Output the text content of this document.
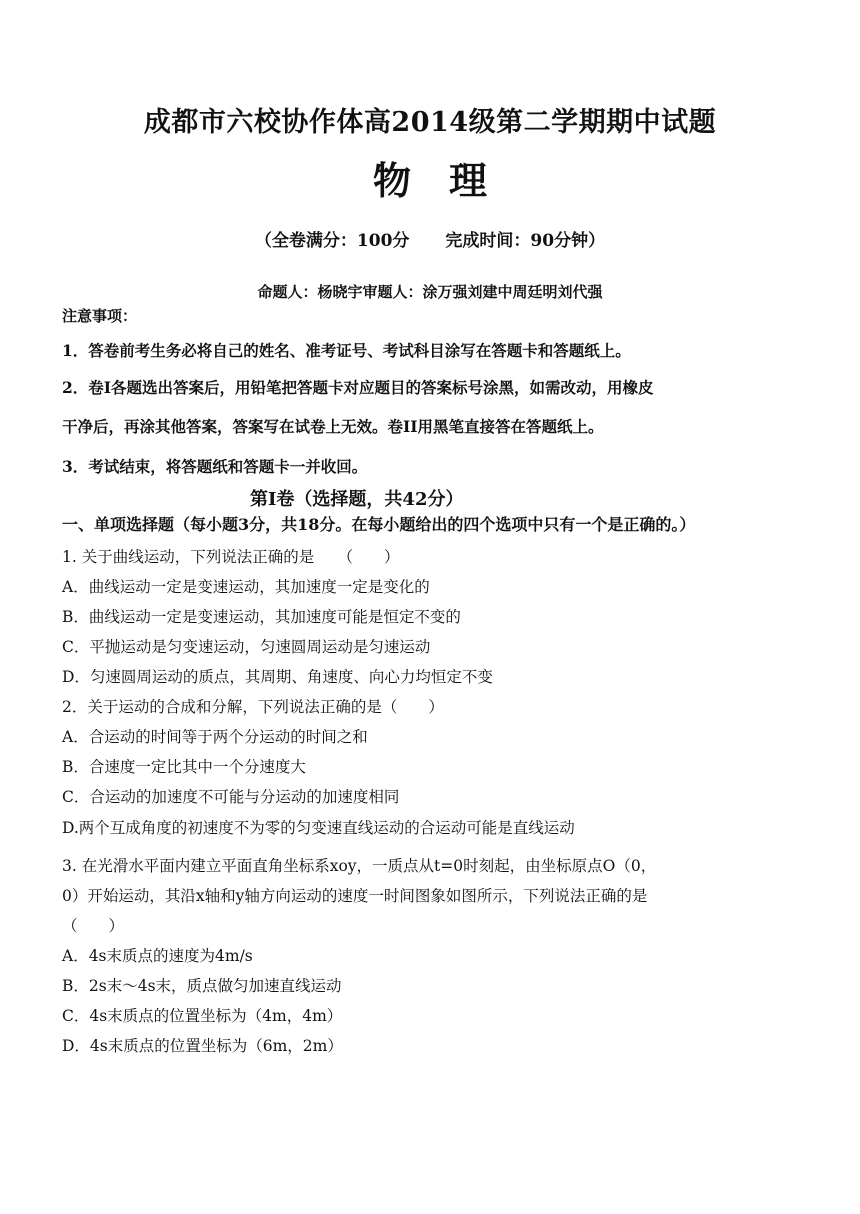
成都市六校协作体高2014级第二学期期中试题
物 理
（全卷满分：100分 完成时间：90分钟）
命题人：杨晓宇审题人：涂万强刘建中周廷明刘代强
注意事项：
1．答卷前考生务必将自己的姓名、准考证号、考试科目涂写在答题卡和答题纸上。
2．卷I各题选出答案后，用铅笔把答题卡对应题目的答案标号涂黑，如需改动，用橡皮
干净后，再涂其他答案，答案写在试卷上无效。卷II用黑笔直接答在答题纸上。
3．考试结束，将答题纸和答题卡一并收回。
第Ⅰ卷（选择题，共42分）
一、单项选择题（每小题3分，共18分。在每小题给出的四个选项中只有一个是正确的。）
1. 关于曲线运动，下列说法正确的是　　（　　）
A．曲线运动一定是变速运动，其加速度一定是变化的
B．曲线运动一定是变速运动，其加速度可能是恒定不变的
C．平抛运动是匀变速运动，匀速圆周运动是匀速运动
D．匀速圆周运动的质点，其周期、角速度、向心力均恒定不变
2．关于运动的合成和分解，下列说法正确的是（　　）
A．合运动的时间等于两个分运动的时间之和
B．合速度一定比其中一个分速度大
C．合运动的加速度不可能与分运动的加速度相同
D.两个互成角度的初速度不为零的匀变速直线运动的合运动可能是直线运动
3. 在光滑水平面内建立平面直角坐标系xoy，一质点从t=0时刻起，由坐标原点O（0，
0）开始运动，其沿x轴和y轴方向运动的速度一时间图象如图所示，下列说法正确的是
（　　）
A．4s末质点的速度为4m/s
B．2s末～4s末，质点做匀加速直线运动
C．4s末质点的位置坐标为（4m，4m）
D．4s末质点的位置坐标为（6m，2m）
